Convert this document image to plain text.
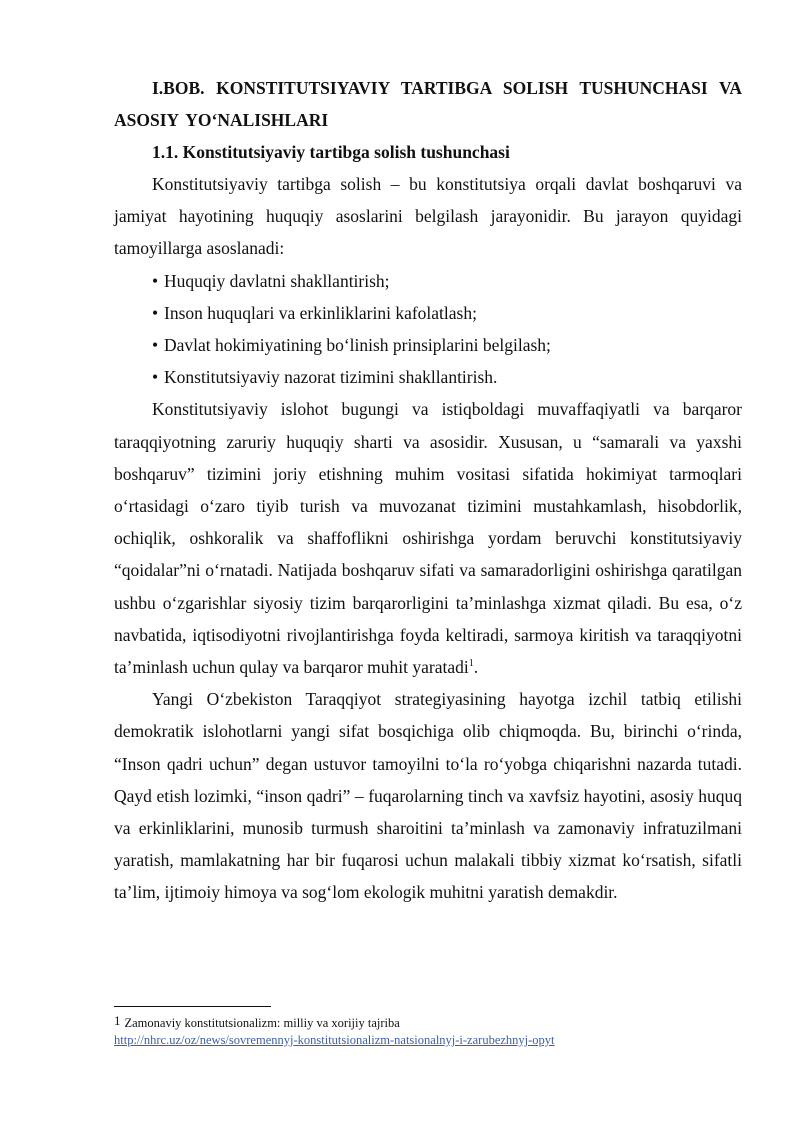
I.BOB. KONSTITUTSIYAVIY TARTIBGA SOLISH TUSHUNCHASI VA ASOSIY YO‘NALISHLARI

1.1. Konstitutsiyaviy tartibga solish tushunchasi

Konstitutsiyaviy tartibga solish – bu konstitutsiya orqali davlat boshqaruvi va jamiyat hayotining huquqiy asoslarini belgilash jarayonidir. Bu jarayon quyidagi tamoyillarga asoslanadi:

• Huquqiy davlatni shakllantirish;
• Inson huquqlari va erkinliklarini kafolatlash;
• Davlat hokimiyatining bo‘linish prinsiplarini belgilash;
• Konstitutsiyaviy nazorat tizimini shakllantirish.

Konstitutsiyaviy islohot bugungi va istiqboldagi muvaffaqiyatli va barqaror taraqqiyotning zaruriy huquqiy sharti va asosidir. Xususan, u “samarali va yaxshi boshqaruv” tizimini joriy etishning muhim vositasi sifatida hokimiyat tarmoqlari o‘rtasidagi o‘zaro tiyib turish va muvozanat tizimini mustahkamlash, hisobdorlik, ochiqlik, oshkoralik va shaffoflikni oshirishga yordam beruvchi konstitutsiyaviy “qoidalar”ni o‘rnatadi. Natijada boshqaruv sifati va samaradorligini oshirishga qaratilgan ushbu o‘zgarishlar siyosiy tizim barqarorligini ta’minlashga xizmat qiladi. Bu esa, o‘z navbatida, iqtisodiyotni rivojlantirishga foyda keltiradi, sarmoya kiritish va taraqqiyotni ta’minlash uchun qulay va barqaror muhit yaratadi$^1$.

Yangi O‘zbekiston Taraqqiyot strategiyasining hayotga izchil tatbiq etilishi demokratik islohotlarni yangi sifat bosqichiga olib chiqmoqda. Bu, birinchi o‘rinda, “Inson qadri uchun” degan ustuvor tamoyilni to‘la ro‘yobga chiqarishni nazarda tutadi. Qayd etish lozimki, “inson qadri” – fuqarolarning tinch va xavfsiz hayotini, asosiy huquq va erkinliklarini, munosib turmush sharoitini ta’minlash va zamonaviy infratuzilmani yaratish, mamlakatning har bir fuqarosi uchun malakali tibbiy xizmat ko‘rsatish, sifatli ta’lim, ijtimoiy himoya va sog‘lom ekologik muhitni yaratish demakdir.

1 Zamonaviy konstitutsionalizm: milliy va xorijiy tajriba
http://nhrc.uz/oz/news/sovremennyj-konstitutsionalizm-natsionalnyj-i-zarubezhnyj-opyt
